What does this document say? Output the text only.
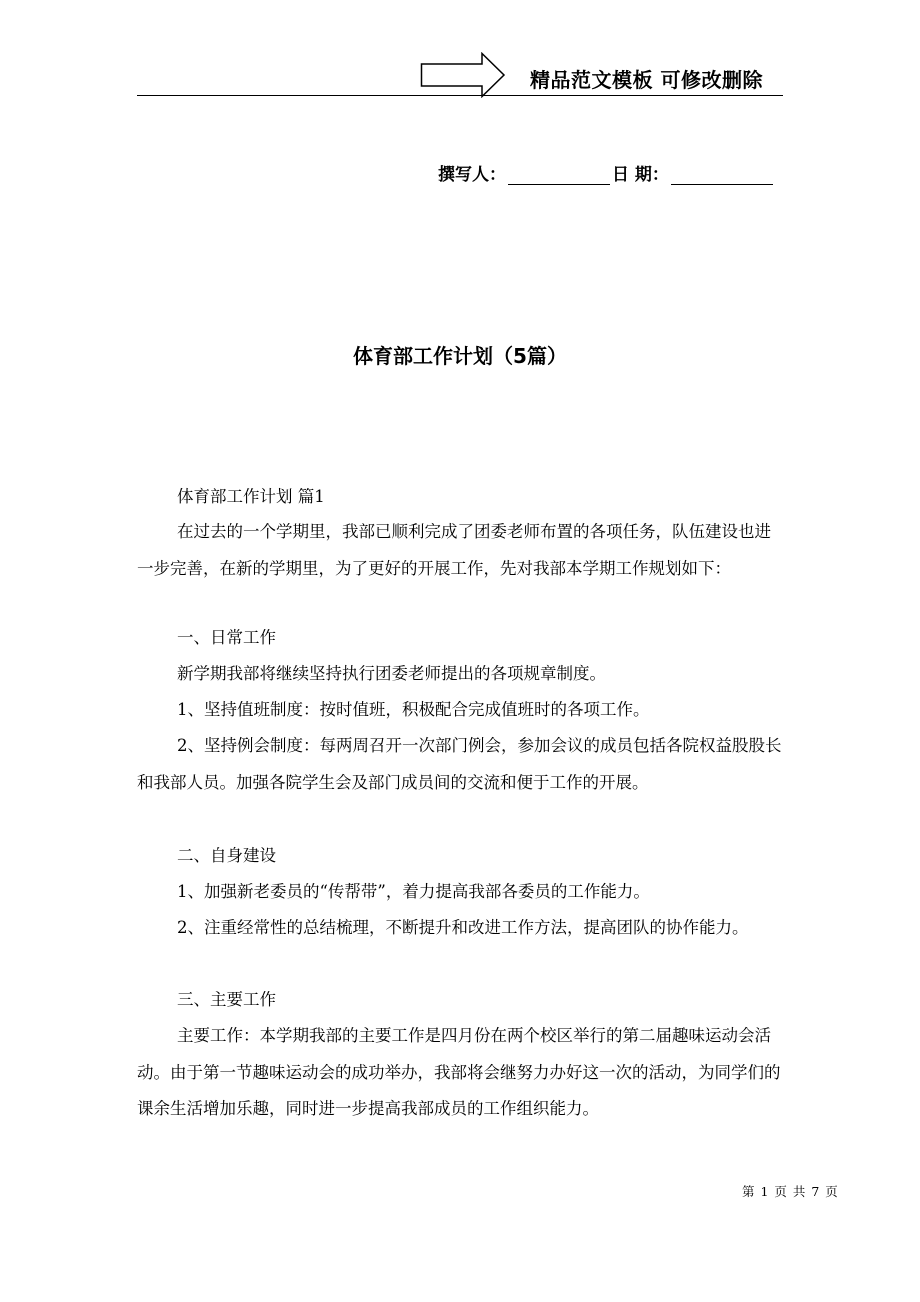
精品范文模板 可修改删除
撰写人：	日 期：
体育部工作计划（5篇）

体育部工作计划 篇1

在过去的一个学期里，我部已顺利完成了团委老师布置的各项任务，队伍建设也进一步完善，在新的学期里，为了更好的开展工作，先对我部本学期工作规划如下：

一、日常工作

新学期我部将继续坚持执行团委老师提出的各项规章制度。

1、坚持值班制度：按时值班，积极配合完成值班时的各项工作。

2、坚持例会制度：每两周召开一次部门例会，参加会议的成员包括各院权益股股长和我部人员。加强各院学生会及部门成员间的交流和便于工作的开展。

二、自身建设

1、加强新老委员的“传帮带”，着力提高我部各委员的工作能力。

2、注重经常性的总结梳理，不断提升和改进工作方法，提高团队的协作能力。

三、主要工作

主要工作：本学期我部的主要工作是四月份在两个校区举行的第二届趣味运动会活动。由于第一节趣味运动会的成功举办，我部将会继努力办好这一次的活动，为同学们的课余生活增加乐趣，同时进一步提高我部成员的工作组织能力。

第 1 页 共 7 页
